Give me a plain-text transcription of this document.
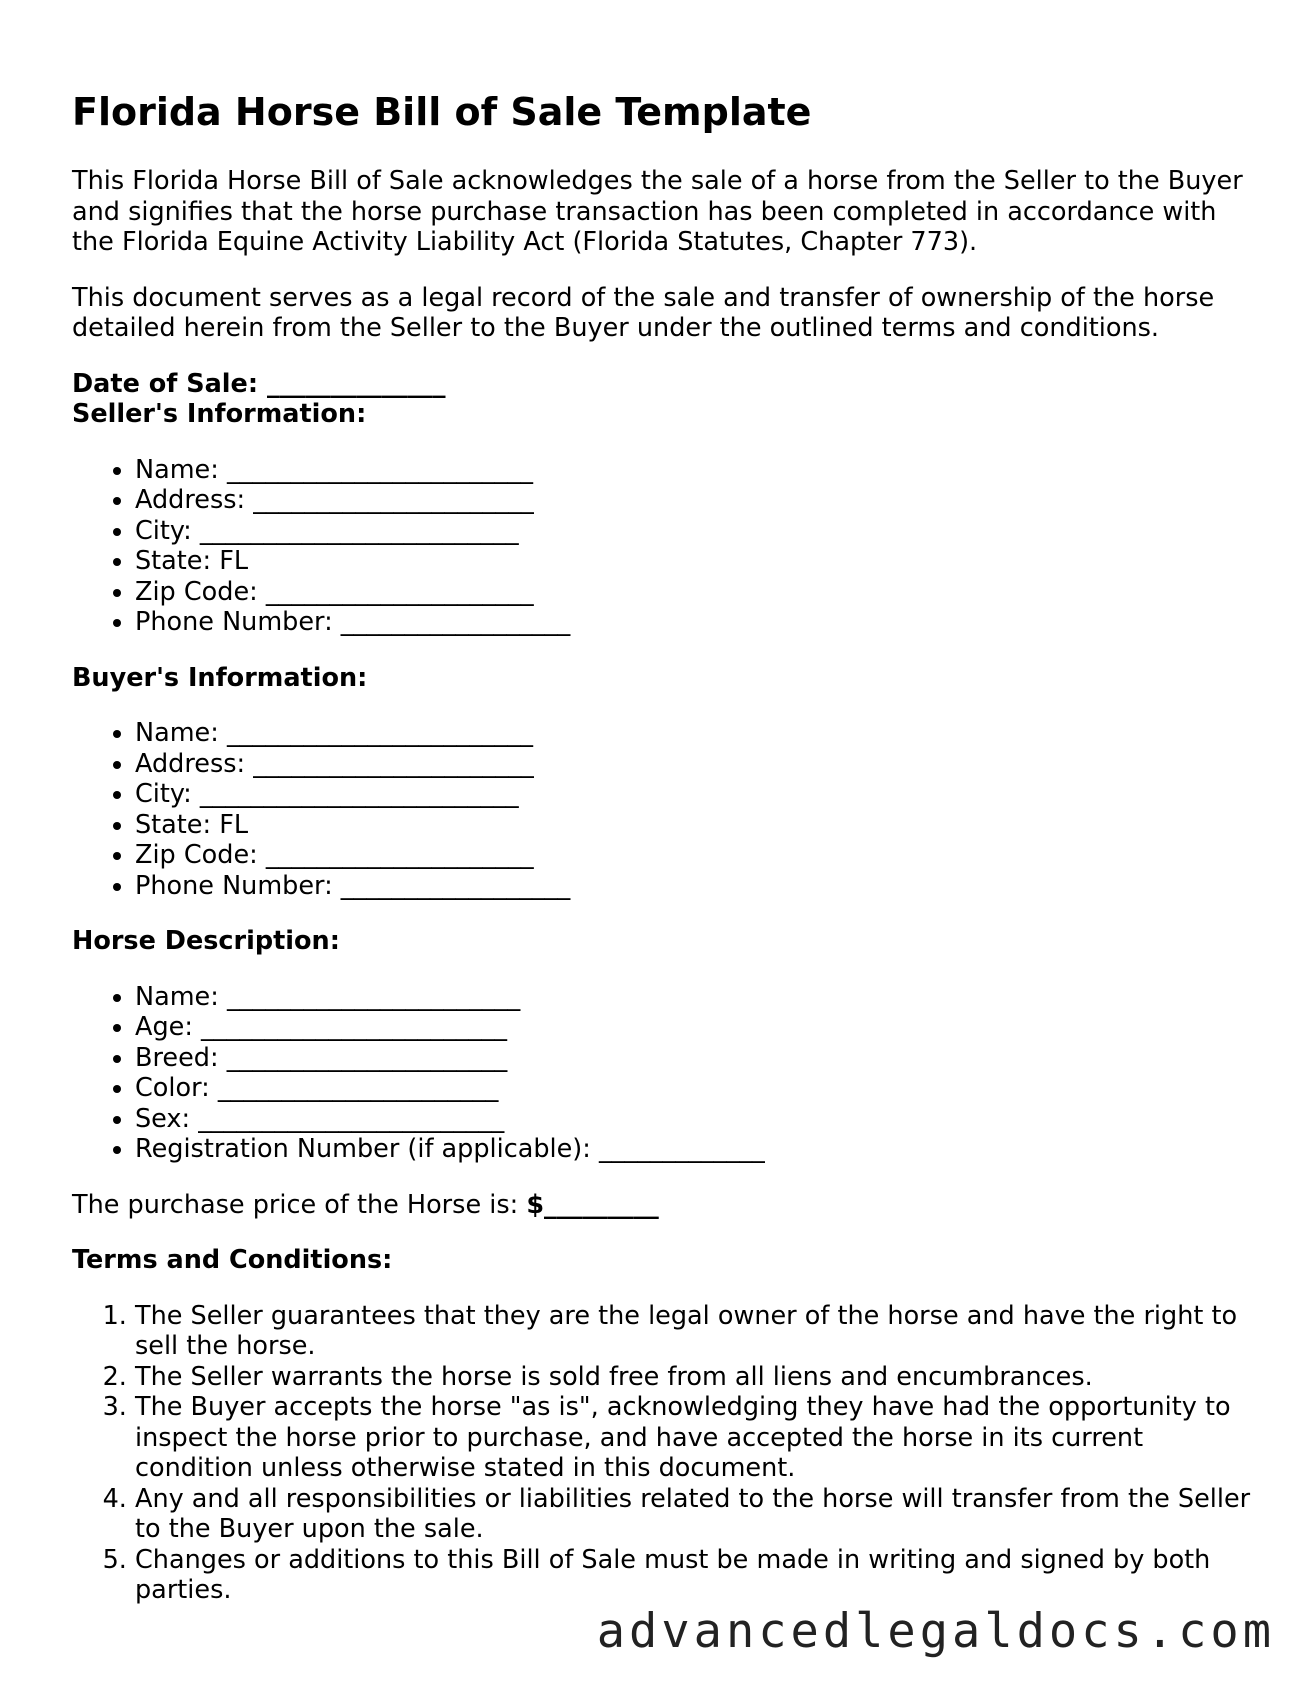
Florida Horse Bill of Sale Template

This Florida Horse Bill of Sale acknowledges the sale of a horse from the Seller to the Buyer and signifies that the horse purchase transaction has been completed in accordance with the Florida Equine Activity Liability Act (Florida Statutes, Chapter 773).

This document serves as a legal record of the sale and transfer of ownership of the horse detailed herein from the Seller to the Buyer under the outlined terms and conditions.

Date of Sale: ______________
Seller's Information:
• Name: ________________________
• Address: ______________________
• City: _________________________
• State: FL
• Zip Code: _____________________
• Phone Number: __________________
Buyer's Information:
• Name: ________________________
• Address: ______________________
• City: _________________________
• State: FL
• Zip Code: _____________________
• Phone Number: __________________
Horse Description:
• Name: _______________________
• Age: ________________________
• Breed: ______________________
• Color: ______________________
• Sex: ________________________
• Registration Number (if applicable): _____________

The purchase price of the Horse is: $_________

Terms and Conditions:
1. The Seller guarantees that they are the legal owner of the horse and have the right to sell the horse.
2. The Seller warrants the horse is sold free from all liens and encumbrances.
3. The Buyer accepts the horse "as is", acknowledging they have had the opportunity to inspect the horse prior to purchase, and have accepted the horse in its current condition unless otherwise stated in this document.
4. Any and all responsibilities or liabilities related to the horse will transfer from the Seller to the Buyer upon the sale.
5. Changes or additions to this Bill of Sale must be made in writing and signed by both parties.
advancedlegaldocs.com
